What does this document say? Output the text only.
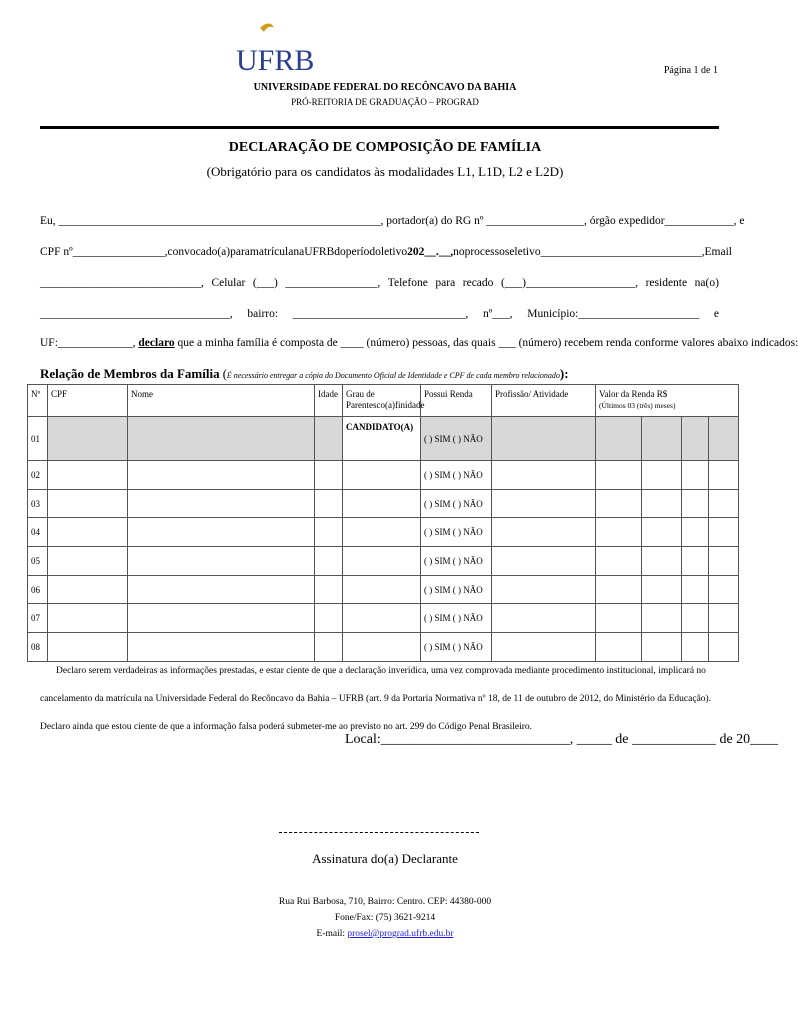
UFRB	Página 1 de 1
UNIVERSIDADE FEDERAL DO RECÔNCAVO DA BAHIA
PRÓ-REITORIA DE GRADUAÇÃO – PROGRAD
DECLARAÇÃO DE COMPOSIÇÃO DE FAMÍLIA
(Obrigatório para os candidatos às modalidades L1, L1D, L2 e L2D)
Eu, ________________________________________________________, portador(a) do RG nº _________________, órgão expedidor____________, e
CPF nº________________, convocado(a) para matrícula na UFRB do período letivo 202__.__, no processo seletivo ____________________________, Email
____________________________, Celular (___) ________________, Telefone para recado (___)___________________, residente na(o)
_________________________________, bairro: ______________________________, nº___, Município:_____________________ e
UF:_____________, declaro que a minha família é composta de ____ (número) pessoas, das quais ___ (número) recebem renda conforme valores abaixo indicados:
Relação de Membros da Família (É necessário entregar a cópia do Documento Oficial de Identidade e CPF de cada membro relacionado):
Nº	CPF	Nome	Idade	Grau de Parentesco(a)finidade	Possui Renda	Profissão/ Atividade	Valor da Renda R$
(Últimos 03 (três) meses)			

01				CANDIDATO(A)	( ) SIM ( ) NÃO					
02					( ) SIM ( ) NÃO					
03					( ) SIM ( ) NÃO					
04					( ) SIM ( ) NÃO					
05					( ) SIM ( ) NÃO					
06					( ) SIM ( ) NÃO					
07					( ) SIM ( ) NÃO					
08					( ) SIM ( ) NÃO					
Declaro serem verdadeiras as informações prestadas, e estar ciente de que a declaração inverídica, uma vez comprovada mediante procedimento institucional, implicará no cancelamento da matrícula na Universidade Federal do Recôncavo da Bahia – UFRB (art. 9 da Portaria Normativa nº 18, de 11 de outubro de 2012, do Ministério da Educação). Declaro ainda que estou ciente de que a informação falsa poderá submeter-me ao previsto no art. 299 do Código Penal Brasileiro.
Local:___________________________, _____ de ____________ de 20____
Assinatura do(a) Declarante
Rua Rui Barbosa, 710, Bairro: Centro. CEP: 44380-000
Fone/Fax: (75) 3621-9214
E-mail: prosel@prograd.ufrb.edu.br
